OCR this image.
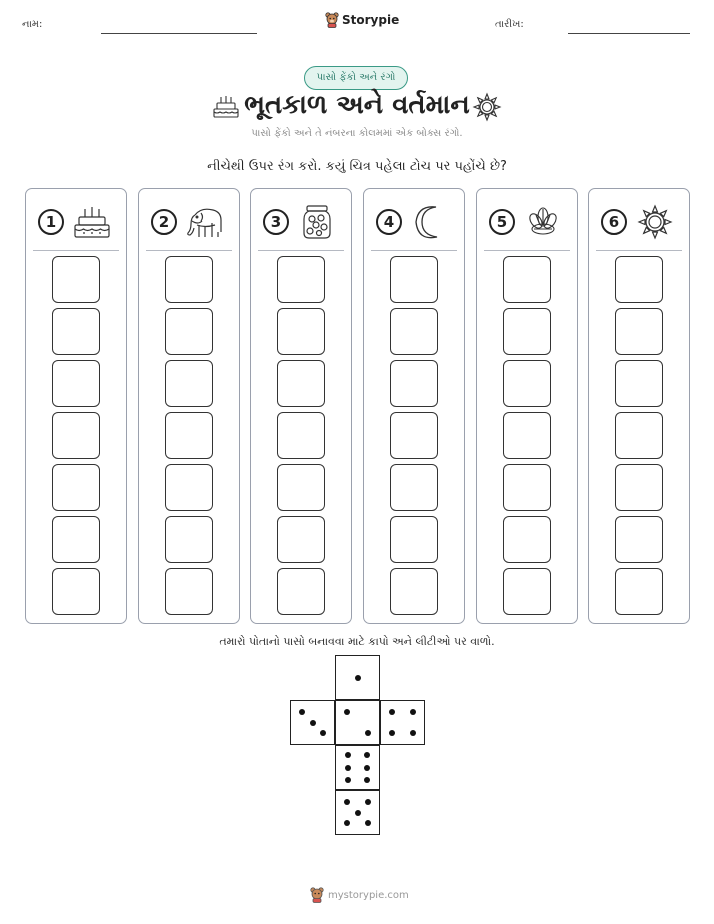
નામ:	Storypie	તારીખ:
પાસો ફેંકો અને રંગો
ભૂતકાળ અને વર્તમાન
પાસો ફેંકો અને તે નંબરના કોલમમાં એક બોક્સ રંગો.
નીચેથી ઉપર રંગ કરો. કયું ચિત્ર પહેલા ટોચ પર પહોંચે છે?
1	2	3	4	5	6
તમારો પોતાનો પાસો બનાવવા માટે કાપો અને લીટીઓ પર વાળો.
mystorypie.com
